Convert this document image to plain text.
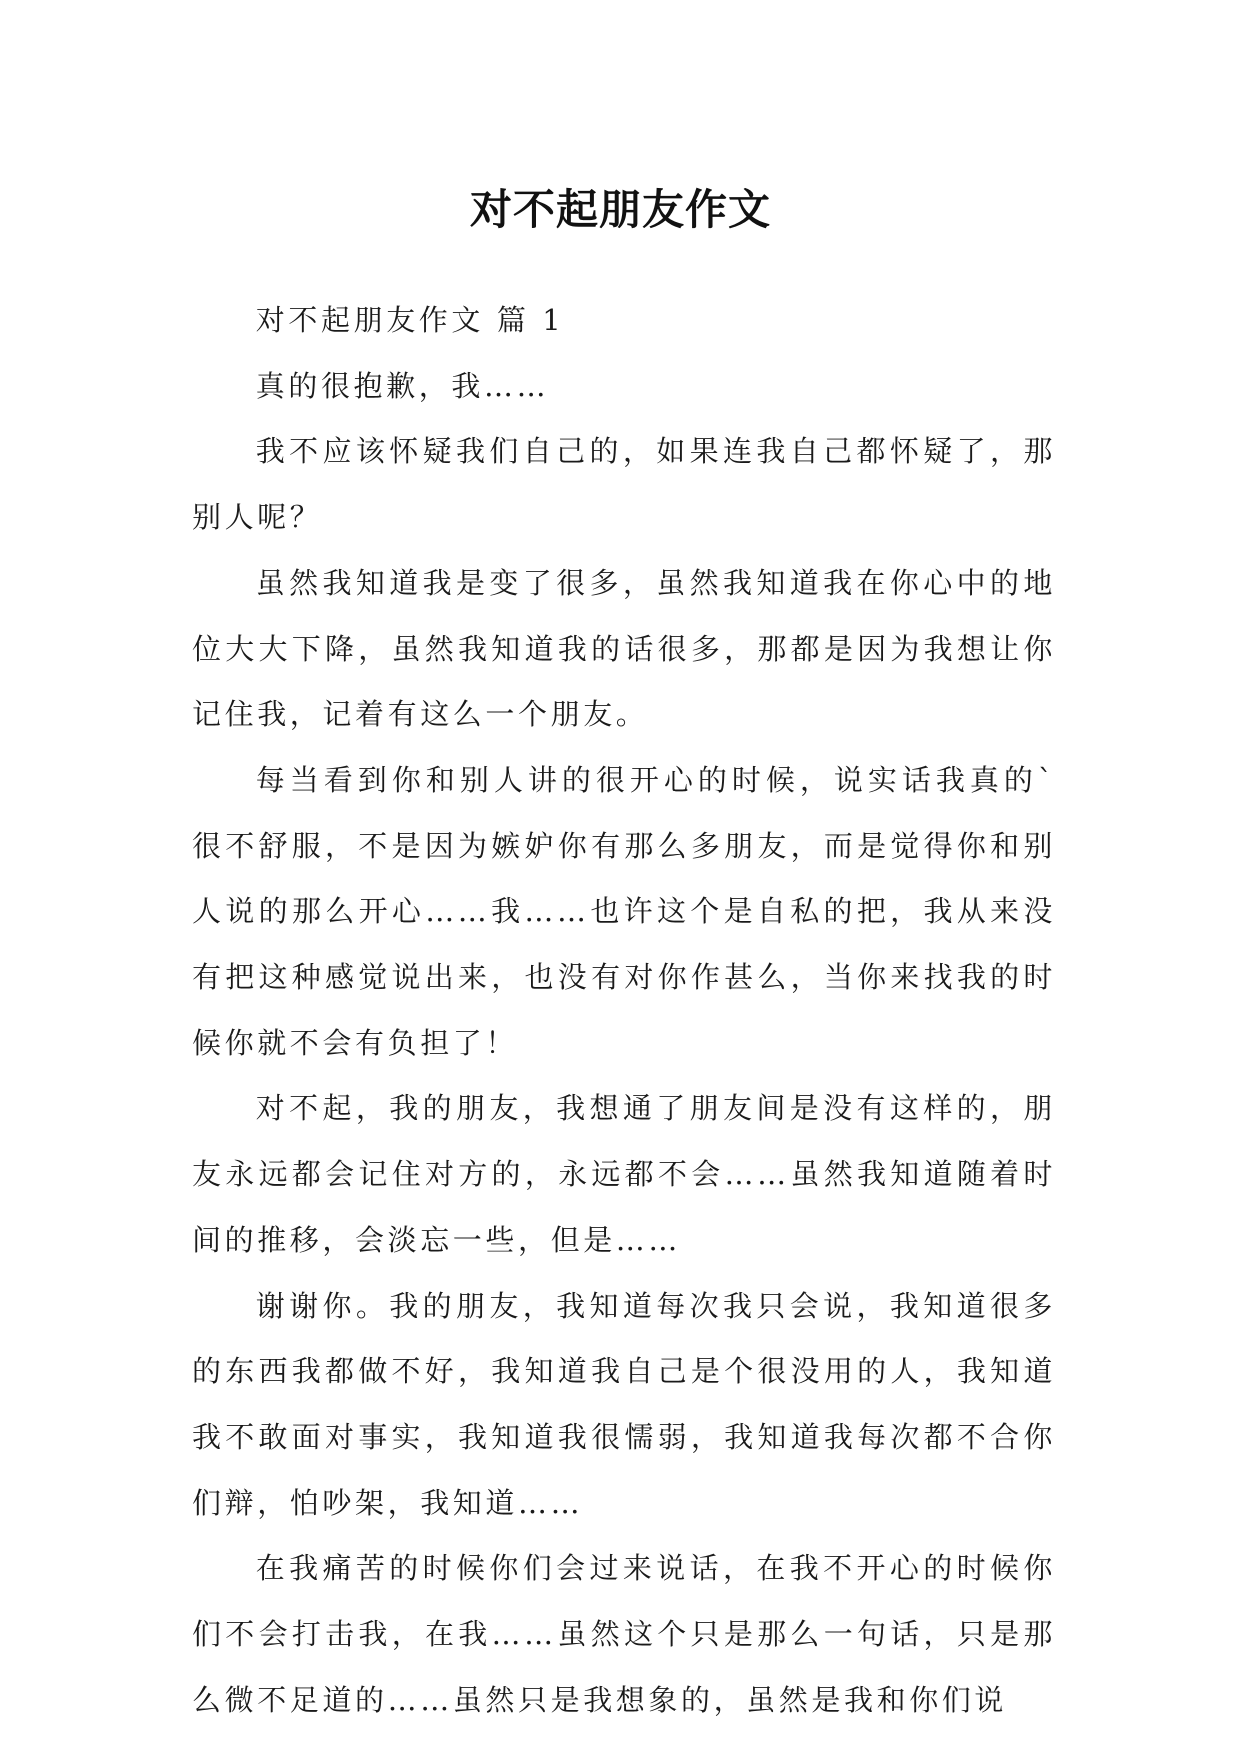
对不起朋友作文

对不起朋友作文 篇 1

真的很抱歉，我……

我不应该怀疑我们自己的，如果连我自己都怀疑了，那别人呢？

虽然我知道我是变了很多，虽然我知道我在你心中的地位大大下降，虽然我知道我的话很多，那都是因为我想让你记住我，记着有这么一个朋友。

每当看到你和别人讲的很开心的时候，说实话我真的`很不舒服，不是因为嫉妒你有那么多朋友，而是觉得你和别人说的那么开心……我……也许这个是自私的把，我从来没有把这种感觉说出来，也没有对你作甚么，当你来找我的时候你就不会有负担了！

对不起，我的朋友，我想通了朋友间是没有这样的，朋友永远都会记住对方的，永远都不会……虽然我知道随着时间的推移，会淡忘一些，但是……

谢谢你。我的朋友，我知道每次我只会说，我知道很多的东西我都做不好，我知道我自己是个很没用的人，我知道我不敢面对事实，我知道我很懦弱，我知道我每次都不合你们辩，怕吵架，我知道……

在我痛苦的时候你们会过来说话，在我不开心的时候你们不会打击我，在我……虽然这个只是那么一句话，只是那么微不足道的……虽然只是我想象的，虽然是我和你们说
